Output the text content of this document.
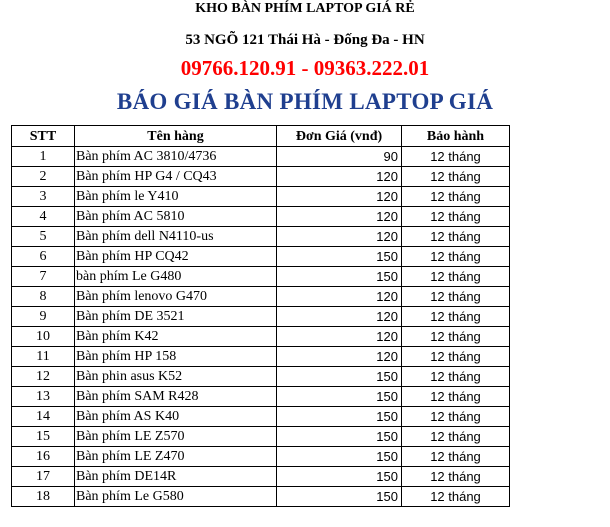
KHO BÀN PHÍM LAPTOP GIÁ RẺ
53 NGÕ 121 Thái Hà - Đống Đa - HN
09766.120.91 - 09363.222.01
BÁO GIÁ BÀN PHÍM LAPTOP GIÁ
STT	Tên hàng	Đơn Giá (vnđ)	Bảo hành
1	Bàn phím AC 3810/4736	90	12 tháng
2	Bàn phím HP G4 / CQ43	120	12 tháng
3	Bàn phím le Y410	120	12 tháng
4	Bàn phím AC 5810	120	12 tháng
5	Bàn phím dell N4110-us	120	12 tháng
6	Bàn phím HP CQ42	150	12 tháng
7	bàn phím Le G480	150	12 tháng
8	Bàn phím lenovo G470	120	12 tháng
9	Bàn phím DE 3521	120	12 tháng
10	Bàn phím K42	120	12 tháng
11	Bàn phím HP 158	120	12 tháng
12	Bàn phin asus K52	150	12 tháng
13	Bàn phím SAM R428	150	12 tháng
14	Bàn phím AS K40	150	12 tháng
15	Bàn phím LE Z570	150	12 tháng
16	Bàn phím LE Z470	150	12 tháng
17	Bàn phím DE14R	150	12 tháng
18	Bàn phím Le G580	150	12 tháng
